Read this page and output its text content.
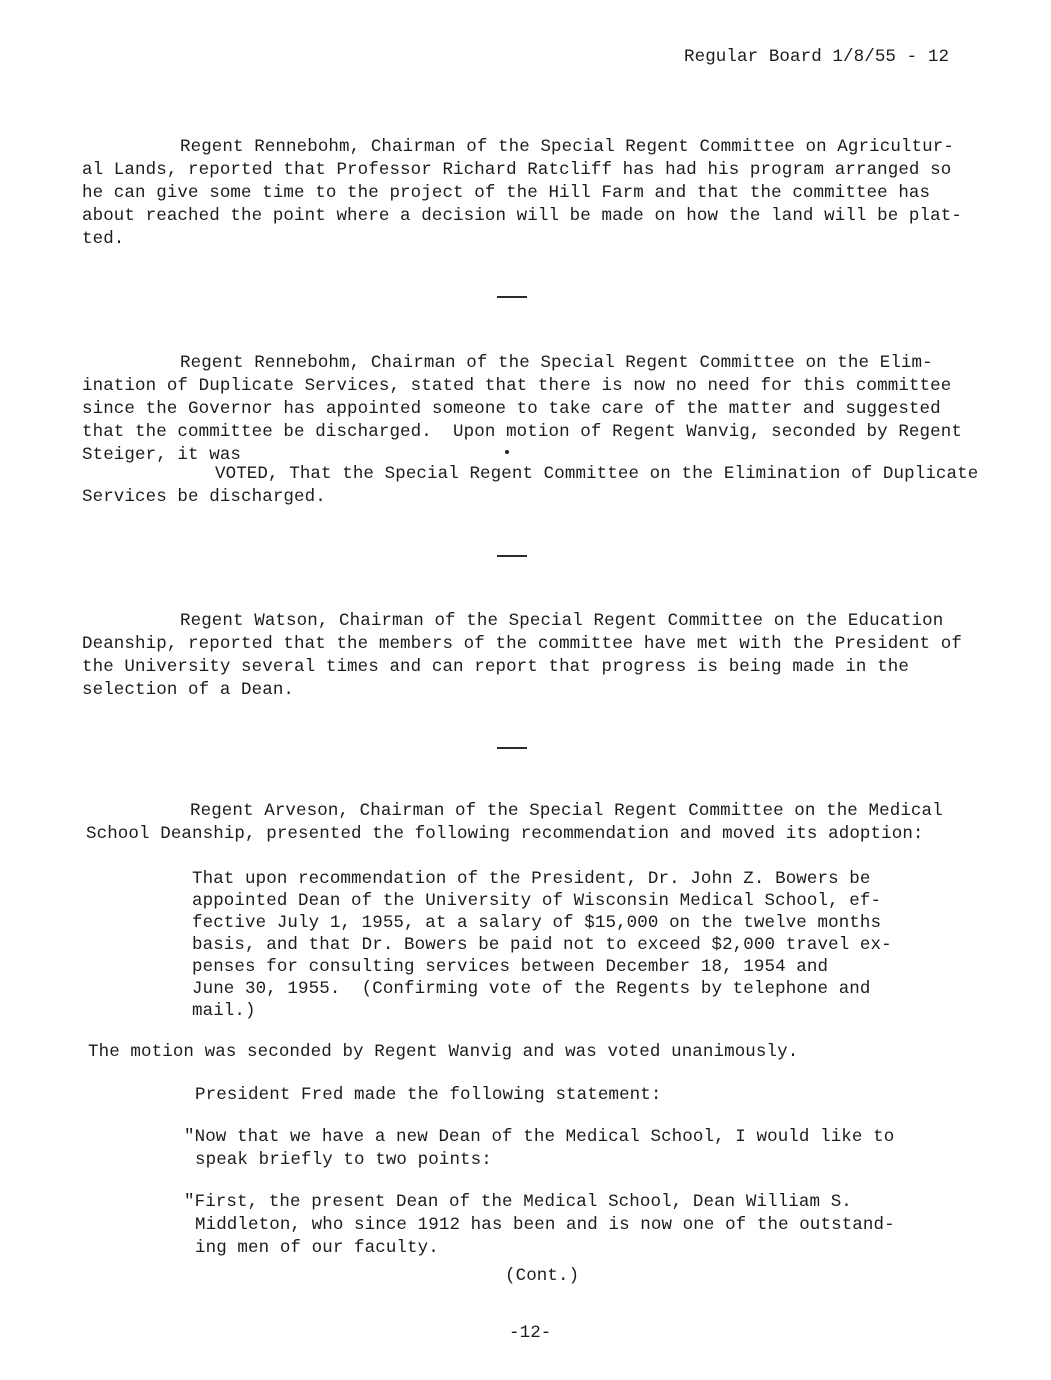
Regular Board 1/8/55 - 12
Regent Rennebohm, Chairman of the Special Regent Committee on Agricultur-
al Lands, reported that Professor Richard Ratcliff has had his program arranged so
he can give some time to the project of the Hill Farm and that the committee has
about reached the point where a decision will be made on how the land will be plat-
ted.
Regent Rennebohm, Chairman of the Special Regent Committee on the Elim-
ination of Duplicate Services, stated that there is now no need for this committee
since the Governor has appointed someone to take care of the matter and suggested
that the committee be discharged.  Upon motion of Regent Wanvig, seconded by Regent
Steiger, it was
VOTED, That the Special Regent Committee on the Elimination of Duplicate
Services be discharged.
Regent Watson, Chairman of the Special Regent Committee on the Education
Deanship, reported that the members of the committee have met with the President of
the University several times and can report that progress is being made in the
selection of a Dean.
Regent Arveson, Chairman of the Special Regent Committee on the Medical
School Deanship, presented the following recommendation and moved its adoption:
That upon recommendation of the President, Dr. John Z. Bowers be
appointed Dean of the University of Wisconsin Medical School, ef-
fective July 1, 1955, at a salary of $15,000 on the twelve months
basis, and that Dr. Bowers be paid not to exceed $2,000 travel ex-
penses for consulting services between December 18, 1954 and
June 30, 1955.  (Confirming vote of the Regents by telephone and
mail.)
The motion was seconded by Regent Wanvig and was voted unanimously.
President Fred made the following statement:
"Now that we have a new Dean of the Medical School, I would like to
speak briefly to two points:
"First, the present Dean of the Medical School, Dean William S.
Middleton, who since 1912 has been and is now one of the outstand-
ing men of our faculty.
(Cont.)
-12-
